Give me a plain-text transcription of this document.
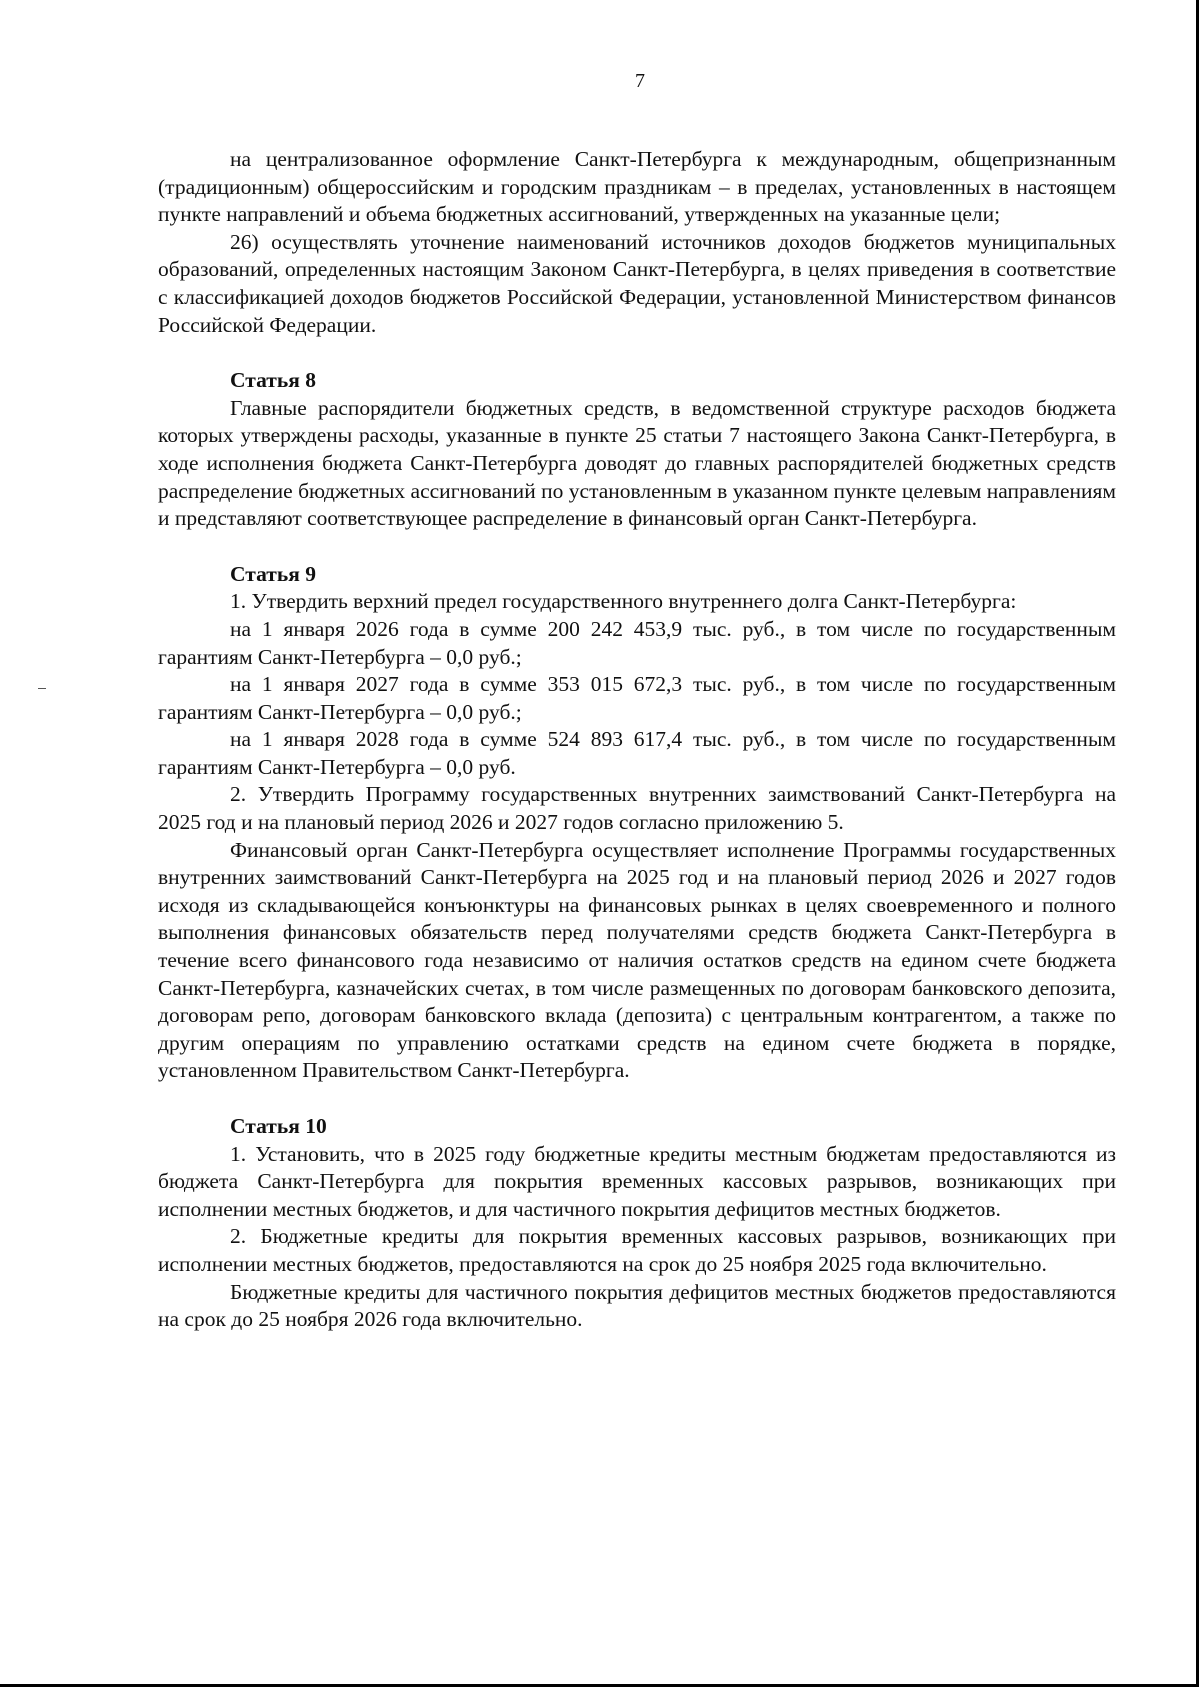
7

на централизованное оформление Санкт-Петербурга к международным, общепризнанным (традиционным) общероссийским и городским праздникам – в пределах, установленных в настоящем пункте направлений и объема бюджетных ассигнований, утвержденных на указанные цели;

26) осуществлять уточнение наименований источников доходов бюджетов муниципальных образований, определенных настоящим Законом Санкт-Петербурга, в целях приведения в соответствие с классификацией доходов бюджетов Российской Федерации, установленной Министерством финансов Российской Федерации.

Статья 8

Главные распорядители бюджетных средств, в ведомственной структуре расходов бюджета которых утверждены расходы, указанные в пункте 25 статьи 7 настоящего Закона Санкт-Петербурга, в ходе исполнения бюджета Санкт-Петербурга доводят до главных распорядителей бюджетных средств распределение бюджетных ассигнований по установленным в указанном пункте целевым направлениям и представляют соответствующее распределение в финансовый орган Санкт-Петербурга.

Статья 9

1. Утвердить верхний предел государственного внутреннего долга Санкт-Петербурга:

на 1 января 2026 года в сумме 200 242 453,9 тыс. руб., в том числе по государственным гарантиям Санкт-Петербурга – 0,0 руб.;

на 1 января 2027 года в сумме 353 015 672,3 тыс. руб., в том числе по государственным гарантиям Санкт-Петербурга – 0,0 руб.;

на 1 января 2028 года в сумме 524 893 617,4 тыс. руб., в том числе по государственным гарантиям Санкт-Петербурга – 0,0 руб.

2. Утвердить Программу государственных внутренних заимствований Санкт-Петербурга на 2025 год и на плановый период 2026 и 2027 годов согласно приложению 5.

Финансовый орган Санкт-Петербурга осуществляет исполнение Программы государственных внутренних заимствований Санкт-Петербурга на 2025 год и на плановый период 2026 и 2027 годов исходя из складывающейся конъюнктуры на финансовых рынках в целях своевременного и полного выполнения финансовых обязательств перед получателями средств бюджета Санкт-Петербурга в течение всего финансового года независимо от наличия остатков средств на едином счете бюджета Санкт-Петербурга, казначейских счетах, в том числе размещенных по договорам банковского депозита, договорам репо, договорам банковского вклада (депозита) с центральным контрагентом, а также по другим операциям по управлению остатками средств на едином счете бюджета в порядке, установленном Правительством Санкт-Петербурга.

Статья 10

1. Установить, что в 2025 году бюджетные кредиты местным бюджетам предоставляются из бюджета Санкт-Петербурга для покрытия временных кассовых разрывов, возникающих при исполнении местных бюджетов, и для частичного покрытия дефицитов местных бюджетов.

2. Бюджетные кредиты для покрытия временных кассовых разрывов, возникающих при исполнении местных бюджетов, предоставляются на срок до 25 ноября 2025 года включительно.

Бюджетные кредиты для частичного покрытия дефицитов местных бюджетов предоставляются на срок до 25 ноября 2026 года включительно.
